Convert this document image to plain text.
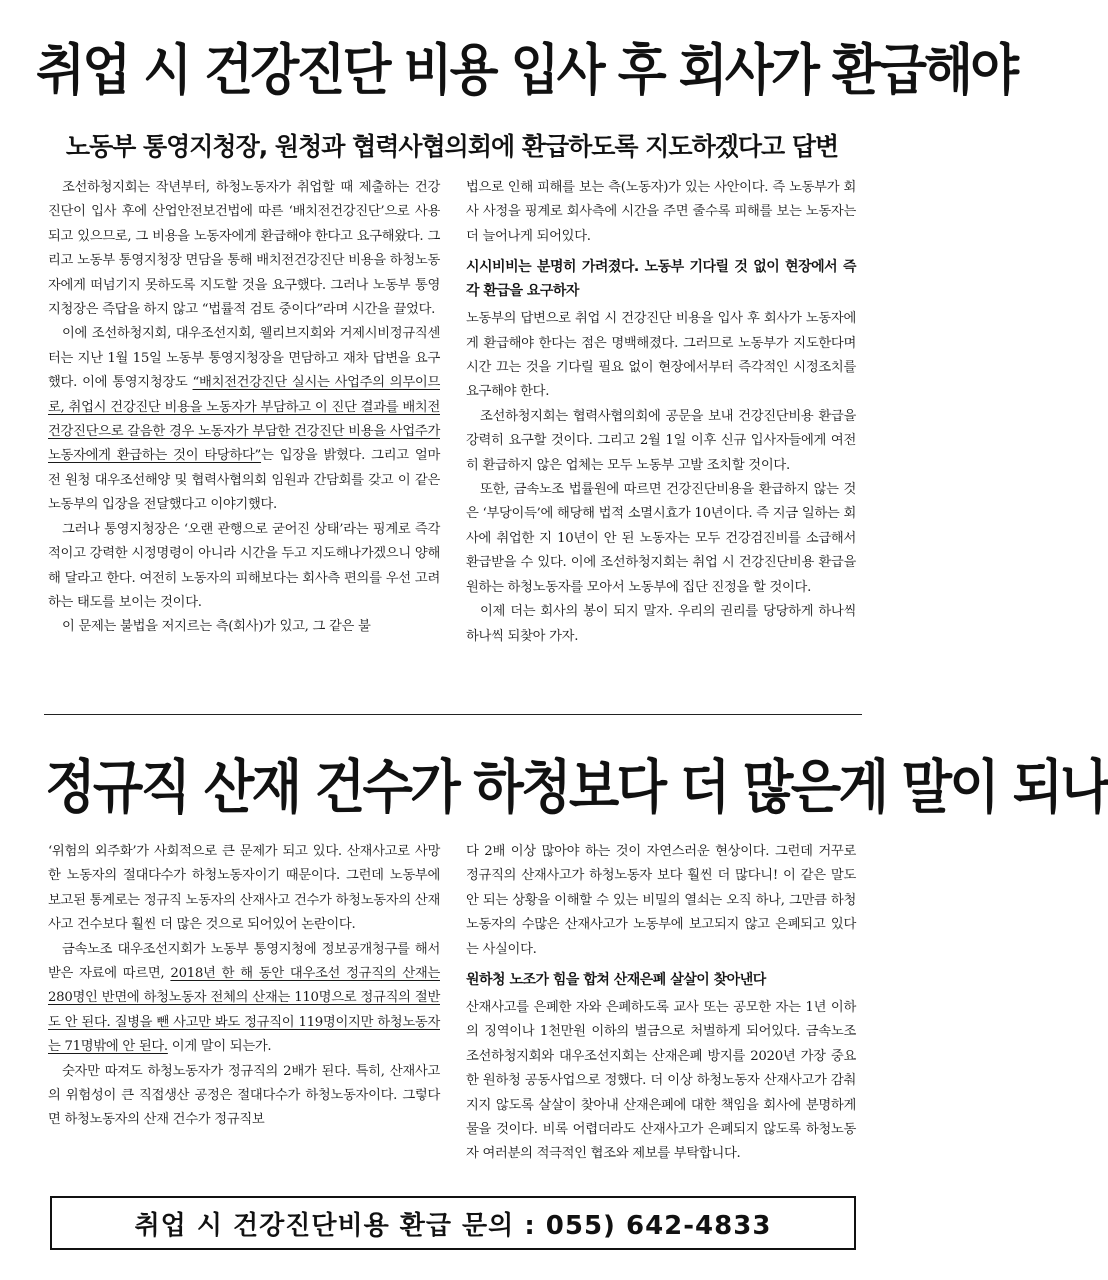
취업 시 건강진단 비용 입사 후 회사가 환급해야
노동부 통영지청장, 원청과 협력사협의회에 환급하도록 지도하겠다고 답변

조선하청지회는 작년부터, 하청노동자가 취업할 때 제출하는 건강진단이 입사 후에 산업안전보건법에 따른 ‘배치전건강진단’으로 사용되고 있으므로, 그 비용을 노동자에게 환급해야 한다고 요구해왔다. 그리고 노동부 통영지청장 면담을 통해 배치전건강진단 비용을 하청노동자에게 떠넘기지 못하도록 지도할 것을 요구했다. 그러나 노동부 통영지청장은 즉답을 하지 않고 “법률적 검토 중이다”라며 시간을 끌었다.

이에 조선하청지회, 대우조선지회, 웰리브지회와 거제시비정규직센터는 지난 1월 15일 노동부 통영지청장을 면담하고 재차 답변을 요구했다. 이에 통영지청장도 “배치전건강진단 실시는 사업주의 의무이므로, 취업시 건강진단 비용을 노동자가 부담하고 이 진단 결과를 배치전건강진단으로 갈음한 경우 노동자가 부담한 건강진단 비용을 사업주가 노동자에게 환급하는 것이 타당하다”는 입장을 밝혔다. 그리고 얼마 전 원청 대우조선해양 및 협력사협의회 임원과 간담회를 갖고 이 같은 노동부의 입장을 전달했다고 이야기했다.

그러나 통영지청장은 ‘오랜 관행으로 굳어진 상태’라는 핑계로 즉각적이고 강력한 시정명령이 아니라 시간을 두고 지도해나가겠으니 양해해 달라고 한다. 여전히 노동자의 피해보다는 회사측 편의를 우선 고려하는 태도를 보이는 것이다.

이 문제는 불법을 저지르는 측(회사)가 있고, 그 같은 불

법으로 인해 피해를 보는 측(노동자)가 있는 사안이다. 즉 노동부가 회사 사정을 핑계로 회사측에 시간을 주면 줄수록 피해를 보는 노동자는 더 늘어나게 되어있다.

시시비비는 분명히 가려졌다. 노동부 기다릴 것 없이 현장에서 즉각 환급을 요구하자

노동부의 답변으로 취업 시 건강진단 비용을 입사 후 회사가 노동자에게 환급해야 한다는 점은 명백해졌다. 그러므로 노동부가 지도한다며 시간 끄는 것을 기다릴 필요 없이 현장에서부터 즉각적인 시정조치를 요구해야 한다.

조선하청지회는 협력사협의회에 공문을 보내 건강진단비용 환급을 강력히 요구할 것이다. 그리고 2월 1일 이후 신규 입사자들에게 여전히 환급하지 않은 업체는 모두 노동부 고발 조치할 것이다.

또한, 금속노조 법률원에 따르면 건강진단비용을 환급하지 않는 것은 ‘부당이득’에 해당해 법적 소멸시효가 10년이다. 즉 지금 일하는 회사에 취업한 지 10년이 안 된 노동자는 모두 건강검진비를 소급해서 환급받을 수 있다. 이에 조선하청지회는 취업 시 건강진단비용 환급을 원하는 하청노동자를 모아서 노동부에 집단 진정을 할 것이다.

이제 더는 회사의 봉이 되지 말자. 우리의 권리를 당당하게 하나씩 하나씩 되찾아 가자.

정규직 산재 건수가 하청보다 더 많은게 말이 되나

‘위험의 외주화’가 사회적으로 큰 문제가 되고 있다. 산재사고로 사망한 노동자의 절대다수가 하청노동자이기 때문이다. 그런데 노동부에 보고된 통계로는 정규직 노동자의 산재사고 건수가 하청노동자의 산재사고 건수보다 훨씬 더 많은 것으로 되어있어 논란이다.

금속노조 대우조선지회가 노동부 통영지청에 정보공개청구를 해서 받은 자료에 따르면, 2018년 한 해 동안 대우조선 정규직의 산재는 280명인 반면에 하청노동자 전체의 산재는 110명으로 정규직의 절반도 안 된다. 질병을 뺀 사고만 봐도 정규직이 119명이지만 하청노동자는 71명밖에 안 된다. 이게 말이 되는가.

숫자만 따져도 하청노동자가 정규직의 2배가 된다. 특히, 산재사고의 위험성이 큰 직접생산 공정은 절대다수가 하청노동자이다. 그렇다면 하청노동자의 산재 건수가 정규직보

다 2배 이상 많아야 하는 것이 자연스러운 현상이다. 그런데 거꾸로 정규직의 산재사고가 하청노동자 보다 훨씬 더 많다니! 이 같은 말도 안 되는 상황을 이해할 수 있는 비밀의 열쇠는 오직 하나, 그만큼 하청노동자의 수많은 산재사고가 노동부에 보고되지 않고 은폐되고 있다는 사실이다.

원하청 노조가 힘을 합쳐 산재은폐 살살이 찾아낸다

산재사고를 은폐한 자와 은폐하도록 교사 또는 공모한 자는 1년 이하의 징역이나 1천만원 이하의 벌금으로 처벌하게 되어있다. 금속노조 조선하청지회와 대우조선지회는 산재은폐 방지를 2020년 가장 중요한 원하청 공동사업으로 정했다. 더 이상 하청노동자 산재사고가 감춰지지 않도록 살살이 찾아내 산재은폐에 대한 책임을 회사에 분명하게 물을 것이다. 비록 어렵더라도 산재사고가 은폐되지 않도록 하청노동자 여러분의 적극적인 협조와 제보를 부탁합니다.

취업 시 건강진단비용 환급 문의 : 055) 642-4833
